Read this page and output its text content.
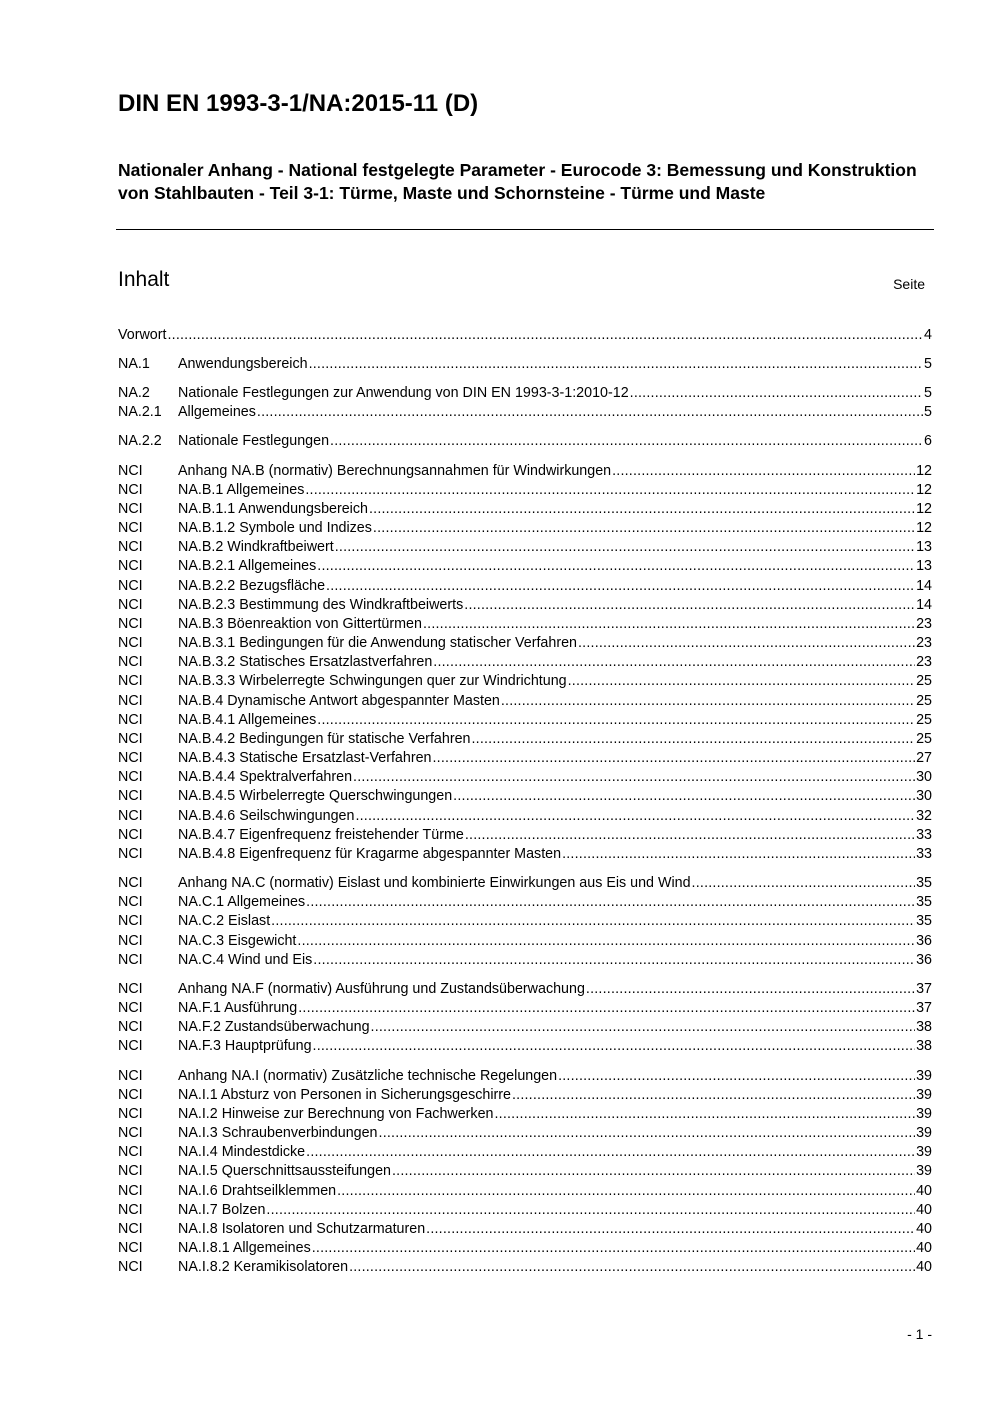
DIN EN 1993-3-1/NA:2015-11 (D)
Nationaler Anhang - National festgelegte Parameter - Eurocode 3: Bemessung und Konstruktion von Stahlbauten - Teil 3-1: Türme, Maste und Schornsteine - Türme und Maste
Inhalt	Seite
Vorwort .....	4
NA.1 Anwendungsbereich .....	5
NA.2 Nationale Festlegungen zur Anwendung von DIN EN 1993-3-1:2010-12 .....	5
NA.2.1 Allgemeines .....	5
NA.2.2 Nationale Festlegungen .....	6
NCI Anhang NA.B (normativ) Berechnungsannahmen für Windwirkungen .....	12
NCI NA.B.1 Allgemeines .....	12
NCI NA.B.1.1 Anwendungsbereich .....	12
NCI NA.B.1.2 Symbole und Indizes .....	12
NCI NA.B.2 Windkraftbeiwert .....	13
NCI NA.B.2.1 Allgemeines .....	13
NCI NA.B.2.2 Bezugsfläche .....	14
NCI NA.B.2.3 Bestimmung des Windkraftbeiwerts .....	14
NCI NA.B.3 Böenreaktion von Gittertürmen .....	23
NCI NA.B.3.1 Bedingungen für die Anwendung statischer Verfahren .....	23
NCI NA.B.3.2 Statisches Ersatzlastverfahren .....	23
NCI NA.B.3.3 Wirbelerregte Schwingungen quer zur Windrichtung .....	25
NCI NA.B.4 Dynamische Antwort abgespannter Masten .....	25
NCI NA.B.4.1 Allgemeines .....	25
NCI NA.B.4.2 Bedingungen für statische Verfahren .....	25
NCI NA.B.4.3 Statische Ersatzlast-Verfahren .....	27
NCI NA.B.4.4 Spektralverfahren .....	30
NCI NA.B.4.5 Wirbelerregte Querschwingungen .....	30
NCI NA.B.4.6 Seilschwingungen .....	32
NCI NA.B.4.7 Eigenfrequenz freistehender Türme .....	33
NCI NA.B.4.8 Eigenfrequenz für Kragarme abgespannter Masten .....	33
NCI Anhang NA.C (normativ) Eislast und kombinierte Einwirkungen aus Eis und Wind .....	35
NCI NA.C.1 Allgemeines .....	35
NCI NA.C.2 Eislast .....	35
NCI NA.C.3 Eisgewicht .....	36
NCI NA.C.4 Wind und Eis .....	36
NCI Anhang NA.F (normativ) Ausführung und Zustandsüberwachung .....	37
NCI NA.F.1 Ausführung .....	37
NCI NA.F.2 Zustandsüberwachung .....	38
NCI NA.F.3 Hauptprüfung .....	38
NCI Anhang NA.I (normativ) Zusätzliche technische Regelungen .....	39
NCI NA.I.1 Absturz von Personen in Sicherungsgeschirre .....	39
NCI NA.I.2 Hinweise zur Berechnung von Fachwerken .....	39
NCI NA.I.3 Schraubenverbindungen .....	39
NCI NA.I.4 Mindestdicke .....	39
NCI NA.I.5 Querschnittsaussteifungen .....	39
NCI NA.I.6 Drahtseilklemmen .....	40
NCI NA.I.7 Bolzen .....	40
NCI NA.I.8 Isolatoren und Schutzarmaturen .....	40
NCI NA.I.8.1 Allgemeines .....	40
NCI NA.I.8.2 Keramikisolatoren .....	40
- 1 -
